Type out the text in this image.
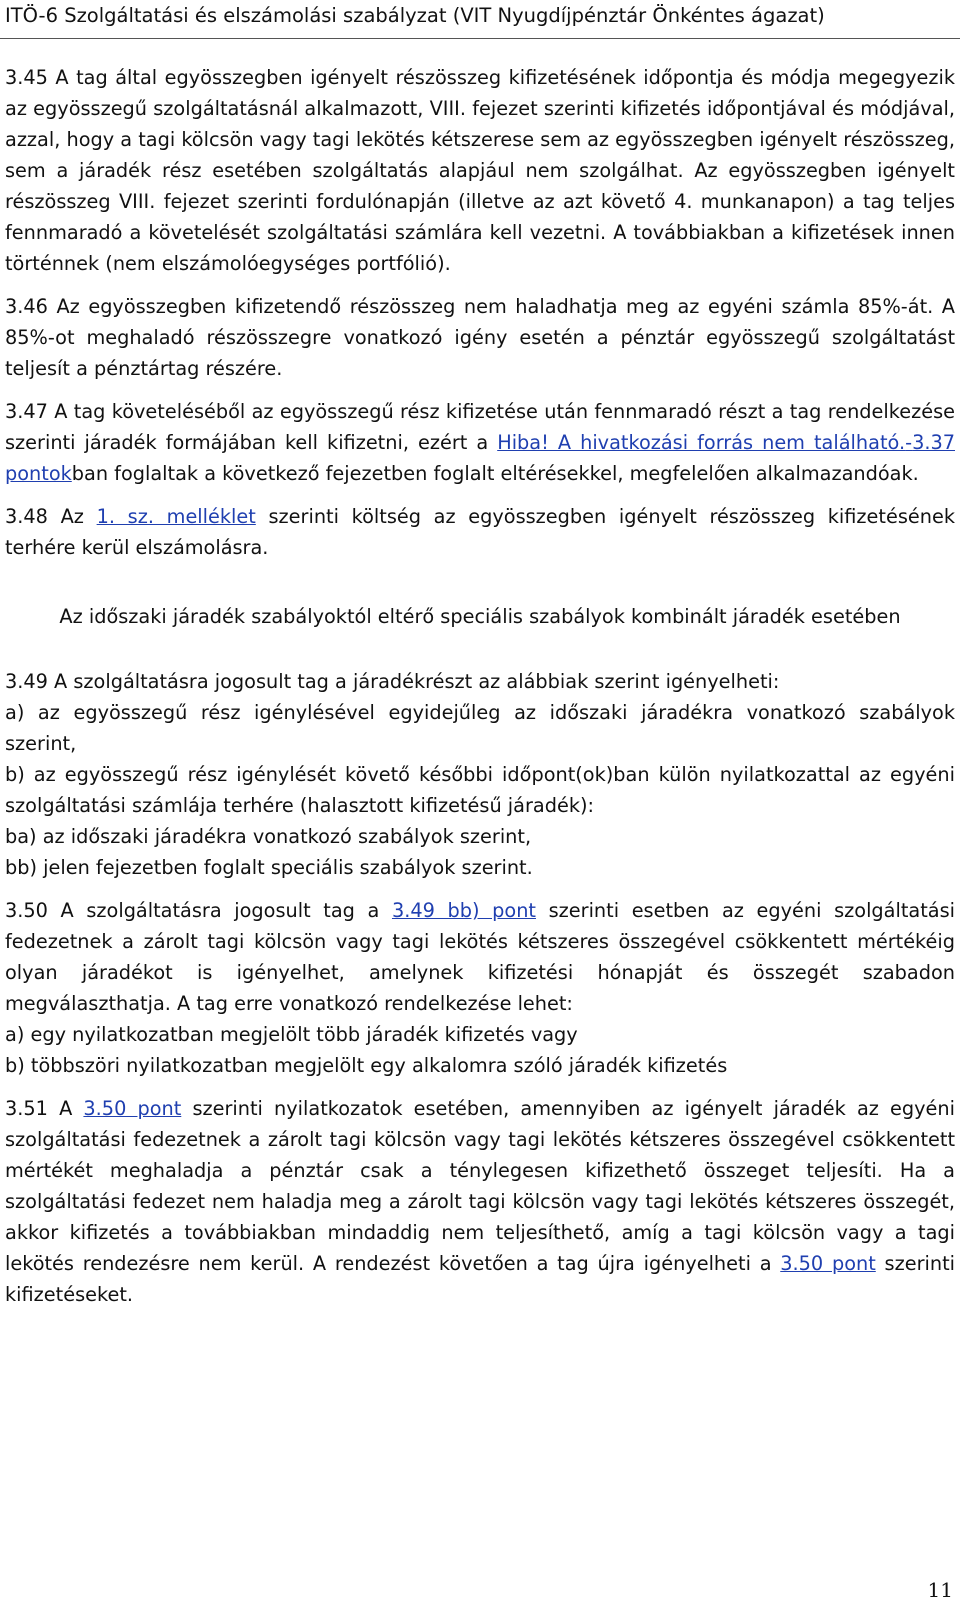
ITÖ-6 Szolgáltatási és elszámolási szabályzat (VIT Nyugdíjpénztár Önkéntes ágazat)

3.45 A tag által egyösszegben igényelt részösszeg kifizetésének időpontja és módja megegyezik az egyösszegű szolgáltatásnál alkalmazott, VIII. fejezet szerinti kifizetés időpontjával és módjával, azzal, hogy a tagi kölcsön vagy tagi lekötés kétszerese sem az egyösszegben igényelt részösszeg, sem a járadék rész esetében szolgáltatás alapjául nem szolgálhat. Az egyösszegben igényelt részösszeg VIII. fejezet szerinti fordulónapján (illetve az azt követő 4. munkanapon) a tag teljes fennmaradó a követelését szolgáltatási számlára kell vezetni. A továbbiakban a kifizetések innen történnek (nem elszámolóegységes portfólió).

3.46 Az egyösszegben kifizetendő részösszeg nem haladhatja meg az egyéni számla 85%-át. A 85%-ot meghaladó részösszegre vonatkozó igény esetén a pénztár egyösszegű szolgáltatást teljesít a pénztártag részére.

3.47 A tag követeléséből az egyösszegű rész kifizetése után fennmaradó részt a tag rendelkezése szerinti járadék formájában kell kifizetni, ezért a Hiba! A hivatkozási forrás nem található.-3.37 pontokban foglaltak a következő fejezetben foglalt eltérésekkel, megfelelően alkalmazandóak.

3.48 Az 1. sz. melléklet szerinti költség az egyösszegben igényelt részösszeg kifizetésének terhére kerül elszámolásra.

Az időszaki járadék szabályoktól eltérő speciális szabályok kombinált járadék esetében

3.49 A szolgáltatásra jogosult tag a járadékrészt az alábbiak szerint igényelheti:

a) az egyösszegű rész igénylésével egyidejűleg az időszaki járadékra vonatkozó szabályok szerint,

b) az egyösszegű rész igénylését követő későbbi időpont(ok)ban külön nyilatkozattal az egyéni szolgáltatási számlája terhére (halasztott kifizetésű járadék):

ba) az időszaki járadékra vonatkozó szabályok szerint,

bb) jelen fejezetben foglalt speciális szabályok szerint.

3.50 A szolgáltatásra jogosult tag a 3.49 bb) pont szerinti esetben az egyéni szolgáltatási fedezetnek a zárolt tagi kölcsön vagy tagi lekötés kétszeres összegével csökkentett mértékéig olyan járadékot is igényelhet, amelynek kifizetési hónapját és összegét szabadon megválaszthatja. A tag erre vonatkozó rendelkezése lehet:

a) egy nyilatkozatban megjelölt több járadék kifizetés vagy

b) többszöri nyilatkozatban megjelölt egy alkalomra szóló járadék kifizetés

3.51 A 3.50 pont szerinti nyilatkozatok esetében, amennyiben az igényelt járadék az egyéni szolgáltatási fedezetnek a zárolt tagi kölcsön vagy tagi lekötés kétszeres összegével csökkentett mértékét meghaladja a pénztár csak a ténylegesen kifizethető összeget teljesíti. Ha a szolgáltatási fedezet nem haladja meg a zárolt tagi kölcsön vagy tagi lekötés kétszeres összegét, akkor kifizetés a továbbiakban mindaddig nem teljesíthető, amíg a tagi kölcsön vagy a tagi lekötés rendezésre nem kerül. A rendezést követően a tag újra igényelheti a 3.50 pont szerinti kifizetéseket.

11
